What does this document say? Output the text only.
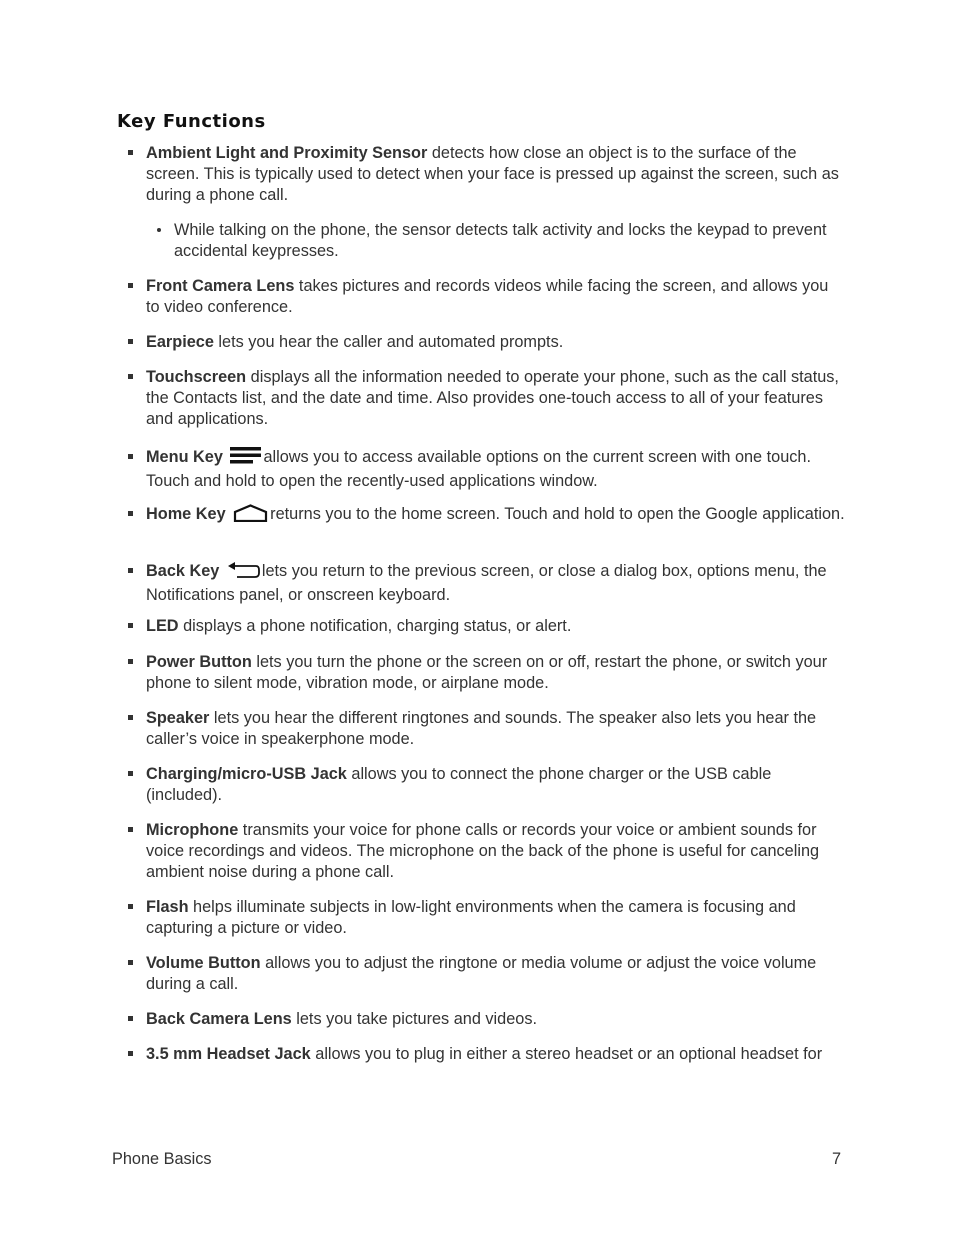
Key Functions
Ambient Light and Proximity Sensor detects how close an object is to the surface of the screen. This is typically used to detect when your face is pressed up against the screen, such as during a phone call.
While talking on the phone, the sensor detects talk activity and locks the keypad to prevent accidental keypresses.
Front Camera Lens takes pictures and records videos while facing the screen, and allows you to video conference.
Earpiece lets you hear the caller and automated prompts.
Touchscreen displays all the information needed to operate your phone, such as the call status, the Contacts list, and the date and time. Also provides one-touch access to all of your features and applications.
Menu Key allows you to access available options on the current screen with one touch. Touch and hold to open the recently-used applications window.
Home Key	returns you to the home screen. Touch and hold to open the Google application.
Back Key	lets you return to the previous screen, or close a dialog box, options menu, the Notifications panel, or onscreen keyboard.
LED displays a phone notification, charging status, or alert.
Power Button lets you turn the phone or the screen on or off, restart the phone, or switch your phone to silent mode, vibration mode, or airplane mode.
Speaker lets you hear the different ringtones and sounds. The speaker also lets you hear the caller’s voice in speakerphone mode.
Charging/micro-USB Jack allows you to connect the phone charger or the USB cable (included).
Microphone transmits your voice for phone calls or records your voice or ambient sounds for voice recordings and videos. The microphone on the back of the phone is useful for canceling ambient noise during a phone call.
Flash helps illuminate subjects in low-light environments when the camera is focusing and capturing a picture or video.
Volume Button allows you to adjust the ringtone or media volume or adjust the voice volume during a call.
Back Camera Lens lets you take pictures and videos.
3.5 mm Headset Jack allows you to plug in either a stereo headset or an optional headset for
Phone Basics	7
